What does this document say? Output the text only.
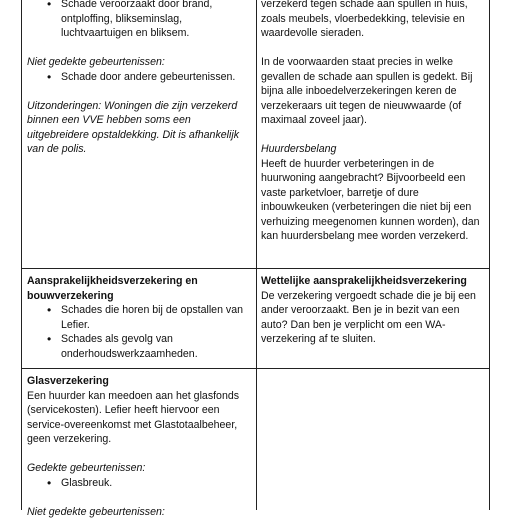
• Schade veroorzaakt door brand, ontploffing, blikseminslag, luchtvaartuigen en bliksem.
Niet gedekte gebeurtenissen:
• Schade door andere gebeurtenissen.
Uitzonderingen: Woningen die zijn verzekerd binnen een VVE hebben soms een uitgebreidere opstaldekking. Dit is afhankelijk van de polis.
verzekerd tegen schade aan spullen in huis, zoals meubels, vloerbedekking, televisie en waardevolle sieraden.
In de voorwaarden staat precies in welke gevallen de schade aan spullen is gedekt. Bij bijna alle inboedelverzekeringen keren de verzekeraars uit tegen de nieuwwaarde (of maximaal zoveel jaar).
Huurdersbelang
Heeft de huurder verbeteringen in de huurwoning aangebracht? Bijvoorbeeld een vaste parketvloer, barretje of dure inbouwkeuken (verbeteringen die niet bij een verhuizing meegenomen kunnen worden), dan kan huurdersbelang mee worden verzekerd.
Aansprakelijkheidsverzekering en bouwverzekering
• Schades die horen bij de opstallen van Lefier.
• Schades als gevolg van onderhoudswerkzaamheden.
Wettelijke aansprakelijkheidsverzekering
De verzekering vergoedt schade die je bij een ander veroorzaakt. Ben je in bezit van een auto? Dan ben je verplicht om een WA-verzekering af te sluiten.
Glasverzekering
Een huurder kan meedoen aan het glasfonds (servicekosten). Lefier heeft hiervoor een service-overeenkomst met Glastotaalbeheer, geen verzekering.
Gedekte gebeurtenissen:
• Glasbreuk.
Niet gedekte gebeurtenissen:
